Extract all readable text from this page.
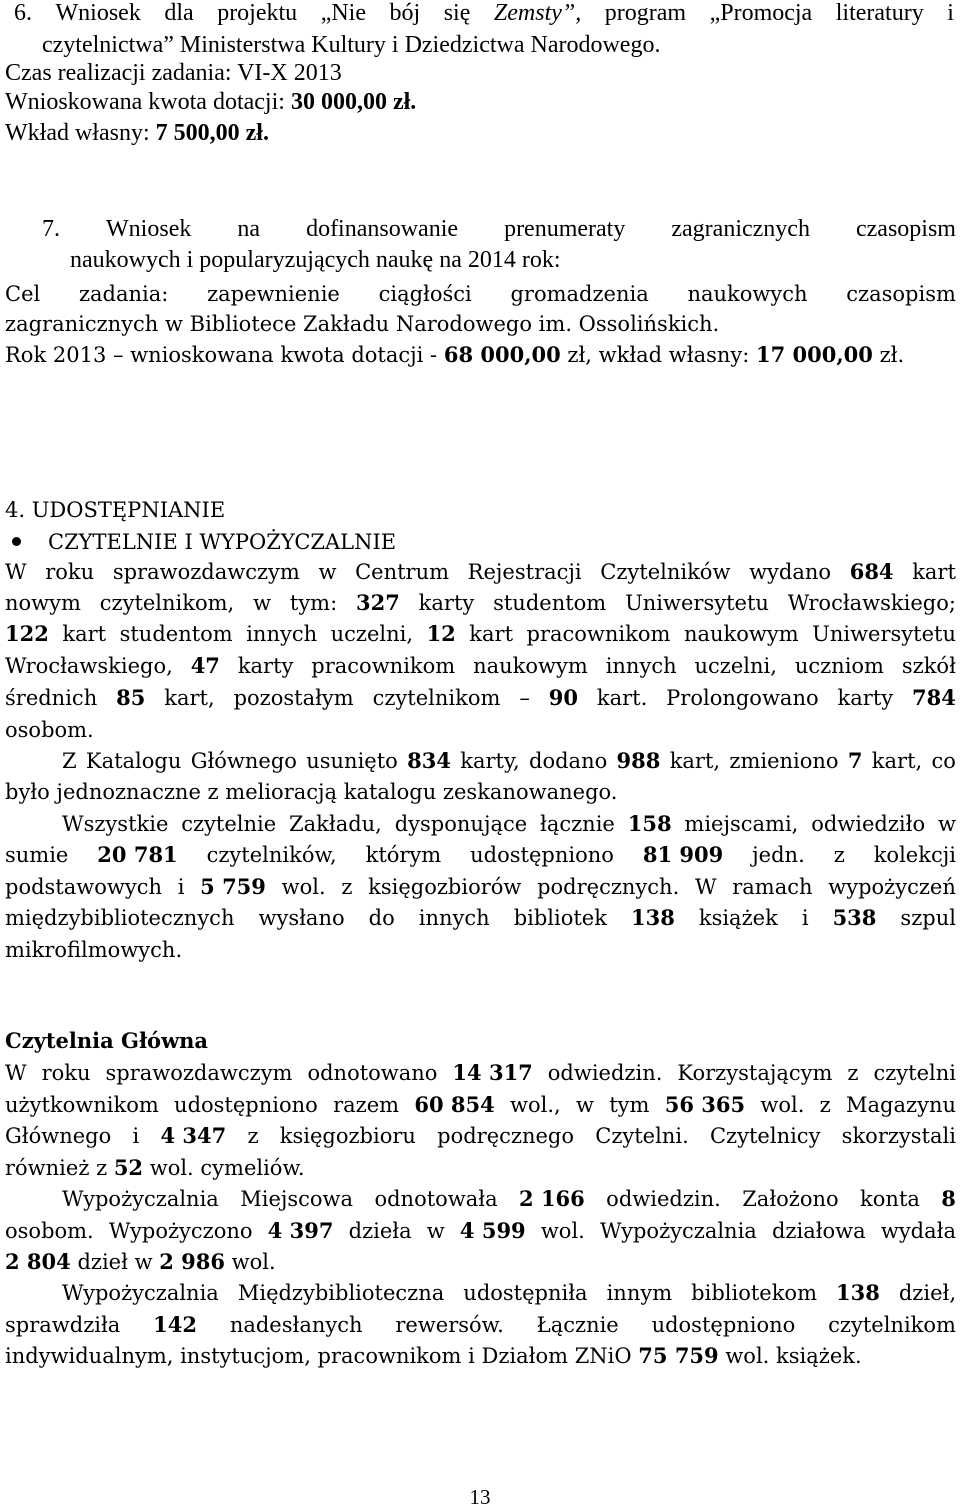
6. Wniosek dla projektu „Nie bój się Zemsty”, program „Promocja literatury i
czytelnictwa” Ministerstwa Kultury i Dziedzictwa Narodowego.
Czas realizacji zadania: VI-X 2013
Wnioskowana kwota dotacji: 30 000,00 zł.
Wkład własny: 7 500,00 zł.
7. Wniosek na dofinansowanie prenumeraty zagranicznych czasopism
naukowych i popularyzujących naukę na 2014 rok:
Cel zadania: zapewnienie ciągłości gromadzenia naukowych czasopism
zagranicznych w Bibliotece Zakładu Narodowego im. Ossolińskich.
Rok 2013 – wnioskowana kwota dotacji - 68 000,00 zł, wkład własny: 17 000,00 zł.
4. UDOSTĘPNIANIE
CZYTELNIE I WYPOŻYCZALNIE
W roku sprawozdawczym w Centrum Rejestracji Czytelników wydano 684 kart
nowym czytelnikom, w tym: 327 karty studentom Uniwersytetu Wrocławskiego;
122 kart studentom innych uczelni, 12 kart pracownikom naukowym Uniwersytetu
Wrocławskiego, 47 karty pracownikom naukowym innych uczelni, uczniom szkół
średnich 85 kart, pozostałym czytelnikom – 90 kart. Prolongowano karty 784
osobom.
Z Katalogu Głównego usunięto 834 karty, dodano 988 kart, zmieniono 7 kart, co
było jednoznaczne z melioracją katalogu zeskanowanego.
Wszystkie czytelnie Zakładu, dysponujące łącznie 158 miejscami, odwiedziło w
sumie 20 781 czytelników, którym udostępniono 81 909 jedn. z kolekcji
podstawowych i 5 759 wol. z księgozbiorów podręcznych. W ramach wypożyczeń
międzybibliotecznych wysłano do innych bibliotek 138 książek i 538 szpul
mikrofilmowych.
Czytelnia Główna
W roku sprawozdawczym odnotowano 14 317 odwiedzin. Korzystającym z czytelni
użytkownikom udostępniono razem 60 854 wol., w tym 56 365 wol. z Magazynu
Głównego i 4 347 z księgozbioru podręcznego Czytelni. Czytelnicy skorzystali
również z 52 wol. cymeliów.
Wypożyczalnia Miejscowa odnotowała 2 166 odwiedzin. Założono konta 8
osobom. Wypożyczono 4 397 dzieła w 4 599 wol. Wypożyczalnia działowa wydała
2 804 dzieł w 2 986 wol.
Wypożyczalnia Międzybiblioteczna udostępniła innym bibliotekom 138 dzieł,
sprawdziła 142 nadesłanych rewersów. Łącznie udostępniono czytelnikom
indywidualnym, instytucjom, pracownikom i Działom ZNiO 75 759 wol. książek.
13
